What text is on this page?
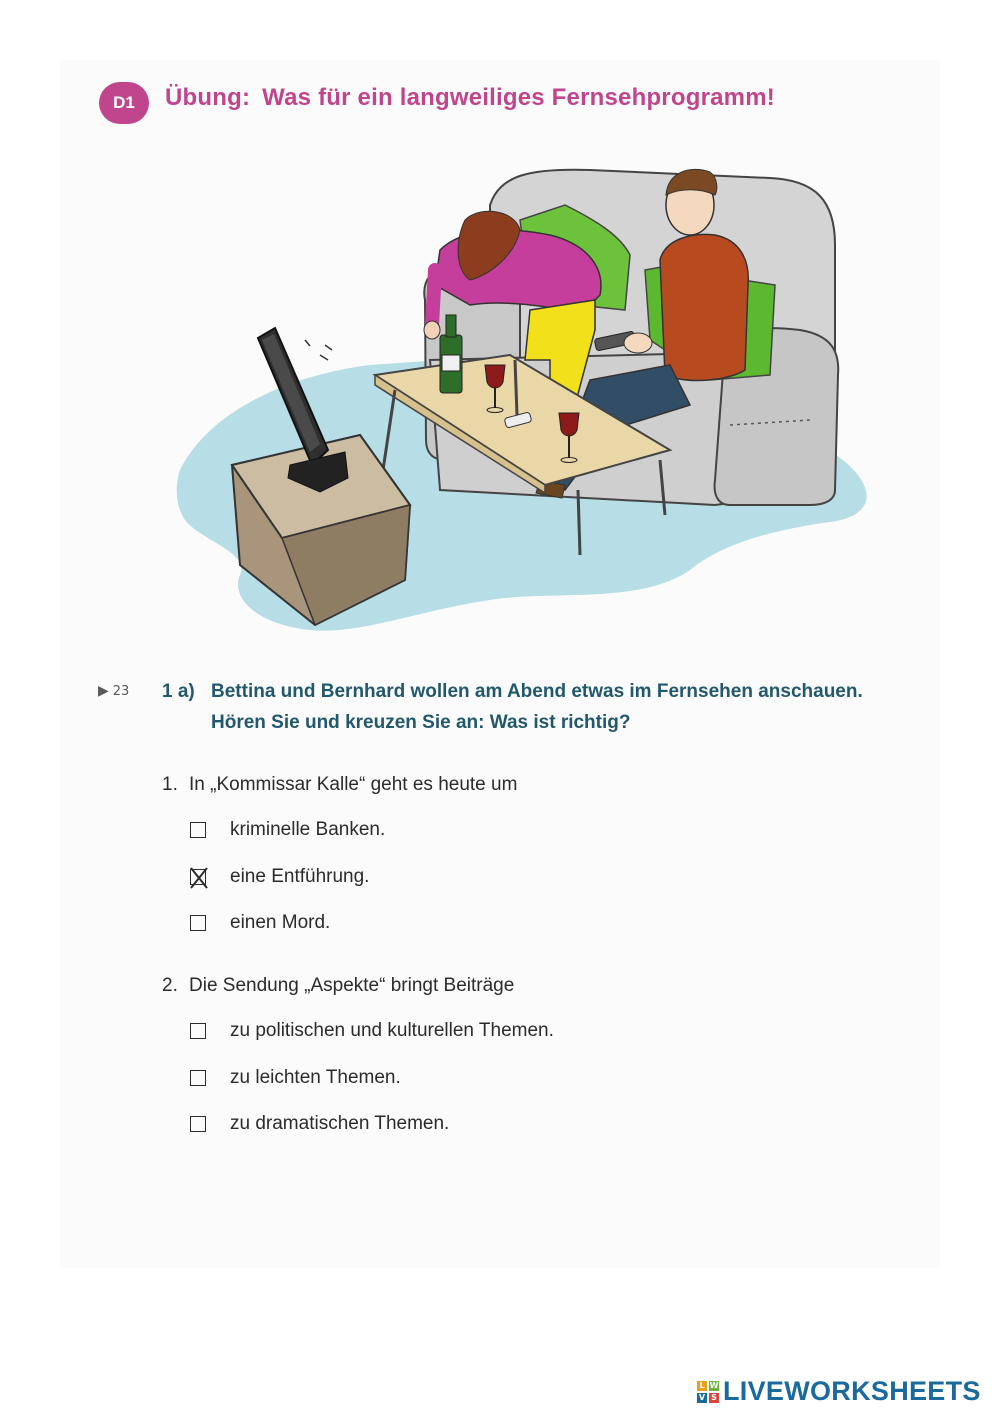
D1	Übung: Was für ein langweiliges Fernsehprogramm!
▶ 23 1 a) Bettina und Bernhard wollen am Abend etwas im Fernsehen anschauen.
Hören Sie und kreuzen Sie an: Was ist richtig?
1. In „Kommissar Kalle“ geht es heute um
kriminelle Banken.
eine Entführung.
einen Mord.
2. Die Sendung „Aspekte“ bringt Beiträge
zu politischen und kulturellen Themen.
zu leichten Themen.
zu dramatischen Themen.
L W
V S LIVEWORKSHEETS
